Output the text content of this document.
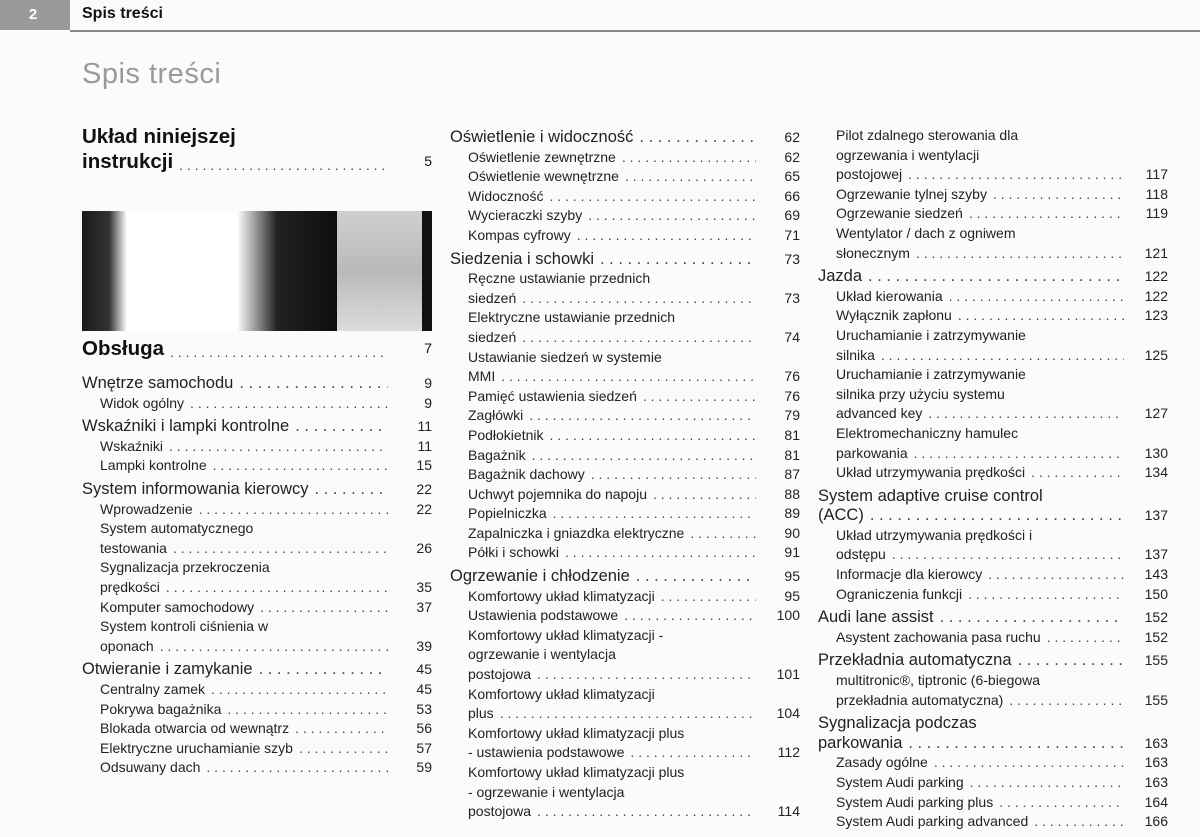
2	Spis treści
Spis treści
Układ niniejszej
instrukcji . . .	5
Obsługa . . .	7
Wnętrze samochodu . . .	9
Widok ogólny . . .	9
Wskaźniki i lampki kontrolne . . .	11
Wskaźniki . . .	11
Lampki kontrolne . . .	15
System informowania kierowcy . . .	22
Wprowadzenie . . .	22
System automatycznego
testowania . . .	26
Sygnalizacja przekroczenia
prędkości . . .	35
Komputer samochodowy . . .	37
System kontroli ciśnienia w
oponach . . .	39
Otwieranie i zamykanie . . .	45
Centralny zamek . . .	45
Pokrywa bagażnika . . .	53
Blokada otwarcia od wewnątrz . . .	56
Elektryczne uruchamianie szyb . . .	57
Odsuwany dach . . .	59
Oświetlenie i widoczność . . .	62
Oświetlenie zewnętrzne . . .	62
Oświetlenie wewnętrzne . . .	65
Widoczność . . .	66
Wycieraczki szyby . . .	69
Kompas cyfrowy . . .	71
Siedzenia i schowki . . .	73
Ręczne ustawianie przednich
siedzeń . . .	73
Elektryczne ustawianie przednich
siedzeń . . .	74
Ustawianie siedzeń w systemie
MMI . . .	76
Pamięć ustawienia siedzeń . . .	76
Zagłówki . . .	79
Podłokietnik . . .	81
Bagażnik . . .	81
Bagażnik dachowy . . .	87
Uchwyt pojemnika do napoju . . .	88
Popielniczka . . .	89
Zapalniczka i gniazdka elektryczne . . .	90
Półki i schowki . . .	91
Ogrzewanie i chłodzenie . . .	95
Komfortowy układ klimatyzacji . . .	95
Ustawienia podstawowe . . .	100
Komfortowy układ klimatyzacji -
ogrzewanie i wentylacja
postojowa . . .	101
Komfortowy układ klimatyzacji
plus . . .	104
Komfortowy układ klimatyzacji plus
- ustawienia podstawowe . . .	112
Komfortowy układ klimatyzacji plus
- ogrzewanie i wentylacja
postojowa . . .	114
Pilot zdalnego sterowania dla
ogrzewania i wentylacji
postojowej . . .	117
Ogrzewanie tylnej szyby . . .	118
Ogrzewanie siedzeń . . .	119
Wentylator / dach z ogniwem
słonecznym . . .	121
Jazda . . .	122
Układ kierowania . . .	122
Wyłącznik zapłonu . . .	123
Uruchamianie i zatrzymywanie
silnika . . .	125
Uruchamianie i zatrzymywanie
silnika przy użyciu systemu
advanced key . . .	127
Elektromechaniczny hamulec
parkowania . . .	130
Układ utrzymywania prędkości . . .	134
System adaptive cruise control
(ACC) . . .	137
Układ utrzymywania prędkości i
odstępu . . .	137
Informacje dla kierowcy . . .	143
Ograniczenia funkcji . . .	150
Audi lane assist . . .	152
Asystent zachowania pasa ruchu . . .	152
Przekładnia automatyczna . . .	155
multitronic®, tiptronic (6-biegowa
przekładnia automatyczna) . . .	155
Sygnalizacja podczas
parkowania . . .	163
Zasady ogólne . . .	163
System Audi parking . . .	163
System Audi parking plus . . .	164
System Audi parking advanced . . .	166
